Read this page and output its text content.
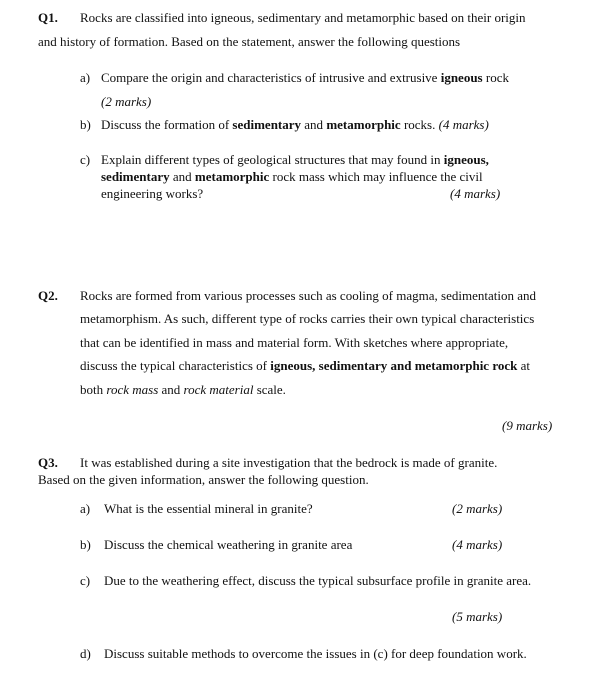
Q1. Rocks are classified into igneous, sedimentary and metamorphic based on their origin
and history of formation. Based on the statement, answer the following questions
a) Compare the origin and characteristics of intrusive and extrusive igneous rock
(2 marks)
b) Discuss the formation of sedimentary and metamorphic rocks. (4 marks)
c) Explain different types of geological structures that may found in igneous,
sedimentary and metamorphic rock mass which may influence the civil
engineering works?	(4 marks)
Q2. Rocks are formed from various processes such as cooling of magma, sedimentation and
metamorphism. As such, different type of rocks carries their own typical characteristics
that can be identified in mass and material form. With sketches where appropriate,
discuss the typical characteristics of igneous, sedimentary and metamorphic rock at
both rock mass and rock material scale.
(9 marks)
Q3. It was established during a site investigation that the bedrock is made of granite.
Based on the given information, answer the following question.
a) What is the essential mineral in granite?	(2 marks)
b) Discuss the chemical weathering in granite area	(4 marks)
c) Due to the weathering effect, discuss the typical subsurface profile in granite area.
(5 marks)
d) Discuss suitable methods to overcome the issues in (c) for deep foundation work.
